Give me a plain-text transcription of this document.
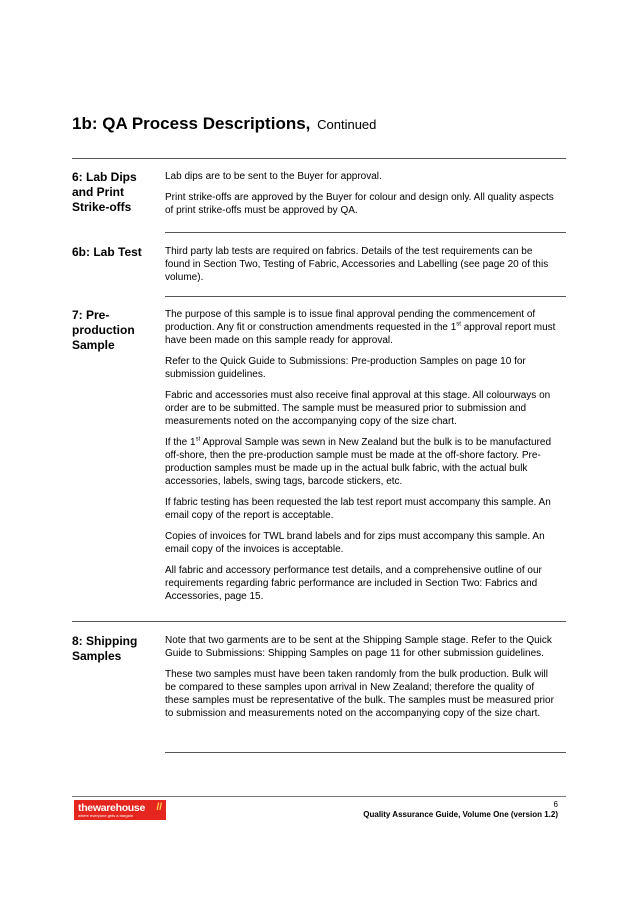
1b: QA Process Descriptions, Continued
6: Lab Dips and Print Strike-offs

Lab dips are to be sent to the Buyer for approval.

Print strike-offs are approved by the Buyer for colour and design only. All quality aspects of print strike-offs must be approved by QA.

6b: Lab Test	Third party lab tests are required on fabrics. Details of the test requirements can be found in Section Two, Testing of Fabric, Accessories and Labelling (see page 20 of this volume).

7: Pre-production Sample

The purpose of this sample is to issue final approval pending the commencement of production. Any fit or construction amendments requested in the 1st approval report must have been made on this sample ready for approval.

Refer to the Quick Guide to Submissions: Pre-production Samples on page 10 for submission guidelines.

Fabric and accessories must also receive final approval at this stage. All colourways on order are to be submitted. The sample must be measured prior to submission and measurements noted on the accompanying copy of the size chart.

If the 1st Approval Sample was sewn in New Zealand but the bulk is to be manufactured off-shore, then the pre-production sample must be made at the off-shore factory. Pre-production samples must be made up in the actual bulk fabric, with the actual bulk accessories, labels, swing tags, barcode stickers, etc.

If fabric testing has been requested the lab test report must accompany this sample. An email copy of the report is acceptable.

Copies of invoices for TWL brand labels and for zips must accompany this sample. An email copy of the invoices is acceptable.

All fabric and accessory performance test details, and a comprehensive outline of our requirements regarding fabric performance are included in Section Two: Fabrics and Accessories, page 15.

8: Shipping Samples

Note that two garments are to be sent at the Shipping Sample stage. Refer to the Quick Guide to Submissions: Shipping Samples on page 11 for other submission guidelines.

These two samples must have been taken randomly from the bulk production. Bulk will be compared to these samples upon arrival in New Zealand; therefore the quality of these samples must be representative of the bulk. The samples must be measured prior to submission and measurements noted on the accompanying copy of the size chart.

thewarehouse //
where everyone gets a bargain
6
Quality Assurance Guide, Volume One (version 1.2)
